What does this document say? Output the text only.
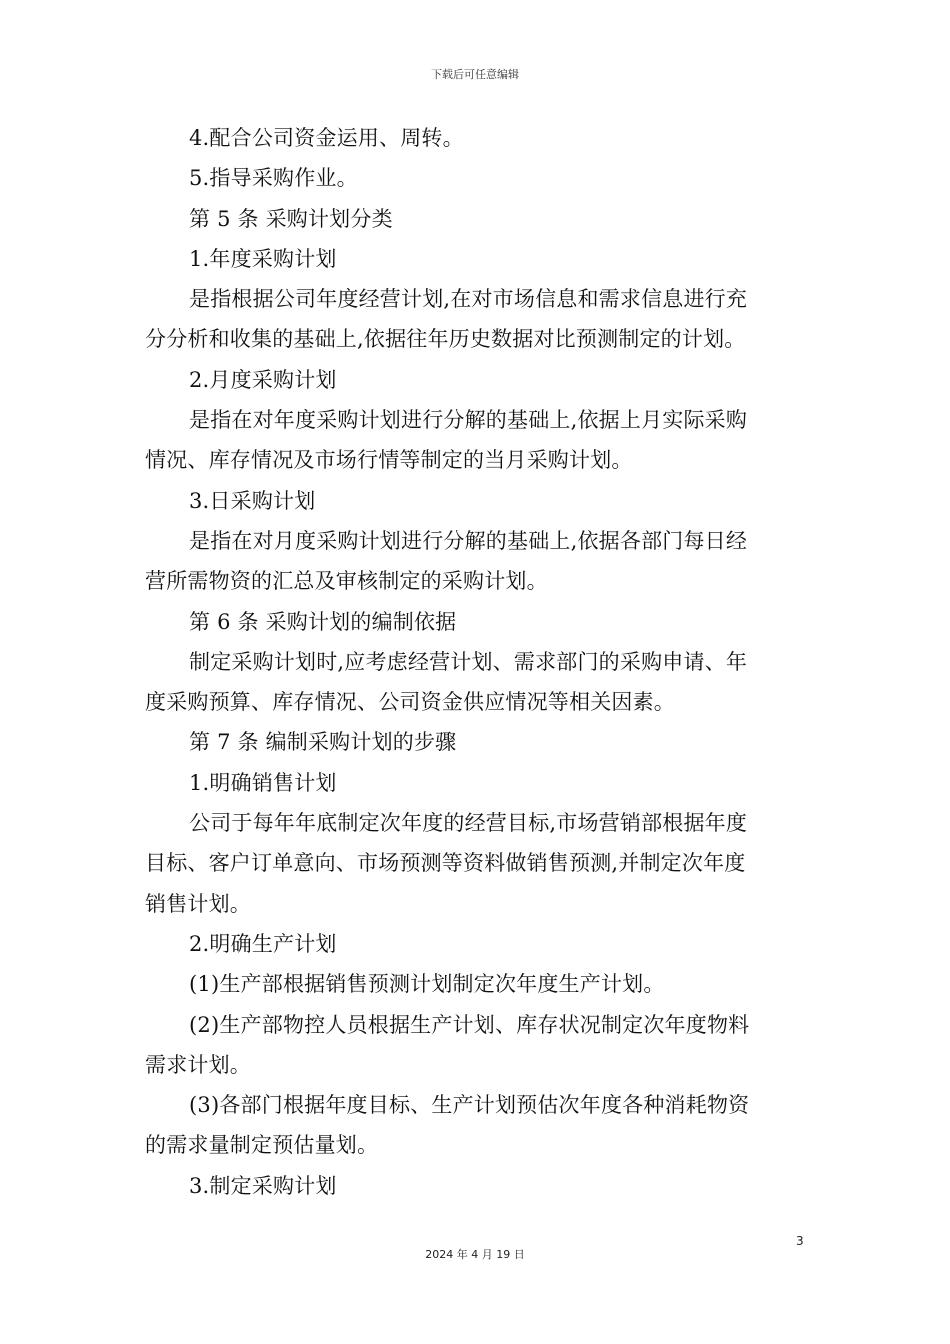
下载后可任意编辑
4.配合公司资金运用、周转。
5.指导采购作业。
第 5 条 采购计划分类
1.年度采购计划
是指根据公司年度经营计划,在对市场信息和需求信息进行充
分分析和收集的基础上,依据往年历史数据对比预测制定的计划。
2.月度采购计划
是指在对年度采购计划进行分解的基础上,依据上月实际采购
情况、库存情况及市场行情等制定的当月采购计划。
3.日采购计划
是指在对月度采购计划进行分解的基础上,依据各部门每日经
营所需物资的汇总及审核制定的采购计划。
第 6 条 采购计划的编制依据
制定采购计划时,应考虑经营计划、需求部门的采购申请、年
度采购预算、库存情况、公司资金供应情况等相关因素。
第 7 条 编制采购计划的步骤
1.明确销售计划
公司于每年年底制定次年度的经营目标,市场营销部根据年度
目标、客户订单意向、市场预测等资料做销售预测,并制定次年度
销售计划。
2.明确生产计划
(1)生产部根据销售预测计划制定次年度生产计划。
(2)生产部物控人员根据生产计划、库存状况制定次年度物料
需求计划。
(3)各部门根据年度目标、生产计划预估次年度各种消耗物资
的需求量制定预估量划。
3.制定采购计划
3
2024 年 4 月 19 日
